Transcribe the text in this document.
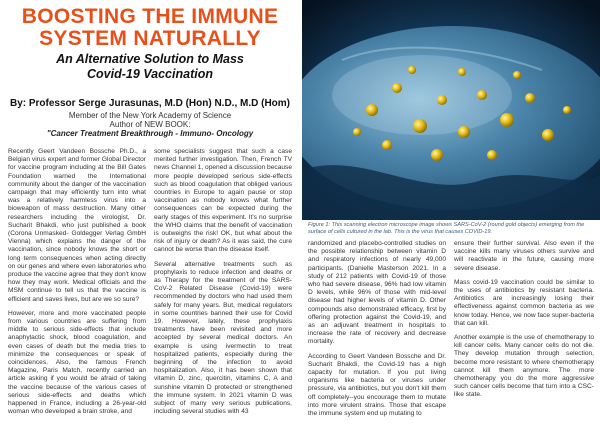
BOOSTING THE IMMUNE
SYSTEM NATURALLY
An Alternative Solution to Mass
Covid-19 Vaccination
By: Professor Serge Jurasunas, M.D (Hon) N.D., M.D (Hom)
Member of the New York Academy of Science
Author of NEW BOOK:
"Cancer Treatment Breakthrough - Immuno- Oncology

Recently Geert Vandeen Bossche Ph.D., a Belgian virus expert and former Global Director for vaccine program including at the Bill Gates Foundation warned the International community about the danger of the vaccination campaign that may efficiently turn into what was a relatively harmless virus into a bioweapon of mass destruction. Many other researchers including the virologist, Dr. Sucharit Bhakdi, who just published a book (Corona Unmasked- Goldegger Verlag GmbH Vienna) which explains the danger of the vaccination, since nobody knows the short or long term consequences when acting directly on our genes and where even laboratories who produce the vaccine agree that they don't know how they may work. Medical officials and the MSM continue to tell us that the vaccine is efficient and saves lives, but are we so sure?

However, more and more vaccinated people from various countries are suffering from middle to serious side-effects that include anaphylactic shock, blood coagulation, and even cases of death but the media tries to minimize the consequences or speak of coincidences. Also, the famous French Magazine, Paris Match, recently carried an article asking if you would be afraid of taking the vaccine because of the various cases of serious side-effects and deaths which happened in France, including a 26-year-old woman who developed a brain stroke, and

some specialists suggest that such a case merited further investigation. Then, French TV news Channel 1, opened a discussion because more people developed serious side-effects such as blood coagulation that obliged various countries in Europe to again pause or stop vaccination as nobody knows what further consequences can be expected during the early stages of this experiment. It's no surprise the WHO claims that the benefit of vaccination is outweighs the risk! OK, but what about the risk of injury or death? As it was said, the cure cannot be worse than the disease itself.

Several alternative treatments such as prophylaxis to reduce infection and deaths or as Therapy for the treatment of the SARS-CoV-2 Related Disease (Covid-19) were recommended by doctors who had used them safely for many years. But, medical regulators in some countries banned their use for Covid 19. However, lately, these prophylaxis treatments have been revisited and more accepted by several medical doctors. An example is using ivermectin to treat hospitalized patients, especially during the beginning of the infection to avoid hospitalization. Also, it has been shown that vitamin D, zinc, quercitin, vitamins C, A and sunshine vitamin D protected or strengthened the immune system. In 2021 vitamin D was subject of many very serious publications, including several studies with 43

Figure 1: This scanning electron microscope image shows SARS-CoV-2 (round gold objects) emerging from the surface of cells cultured in the lab. This is the virus that causes COVID-19.

randomized and placebo-controlled studies on the possible relationship between vitamin D and respiratory infections of nearly 49,000 participants. (Danielle Masterson 2021. In a study of 212 patients with Covid-19 of those who had severe disease, 96% had low vitamin D levels, while 96% of those with mid-level disease had higher levels of vitamin D. Other compounds also demonstrated efficacy, first by offering protection against the Covid-19, and as an adjuvant treatment in hospitals to increase the rate of recovery and decrease mortality.

According to Geert Vandeen Bossche and Dr. Sucharit Bhakdi, the Covid-19 has a high capacity for mutation. If you put living organisms like bacteria or viruses under pressure, via antibiotics, but you don't kill them off completely--you encourage them to mutate into more virulent strains. Those that escape the immune system end up mutating to

ensure their further survival. Also even if the vaccine kills many viruses others survive and will reactivate in the future, causing more severe disease.

Mass covid-19 vaccination could be similar to the uses of antibiotics by resistant bacteria. Antibiotics are increasingly losing their effectiveness against common bacteria as we know today. Hence, we now face super-bacteria that can kill.

Another example is the use of chemotherapy to kill cancer cells. Many cancer cells do not die. They develop mutation through selection, become more resistant to where chemotherapy cannot kill them anymore. The more chemotherapy you do the more aggressive such cancer cells become that turn into a CSC-like state.
